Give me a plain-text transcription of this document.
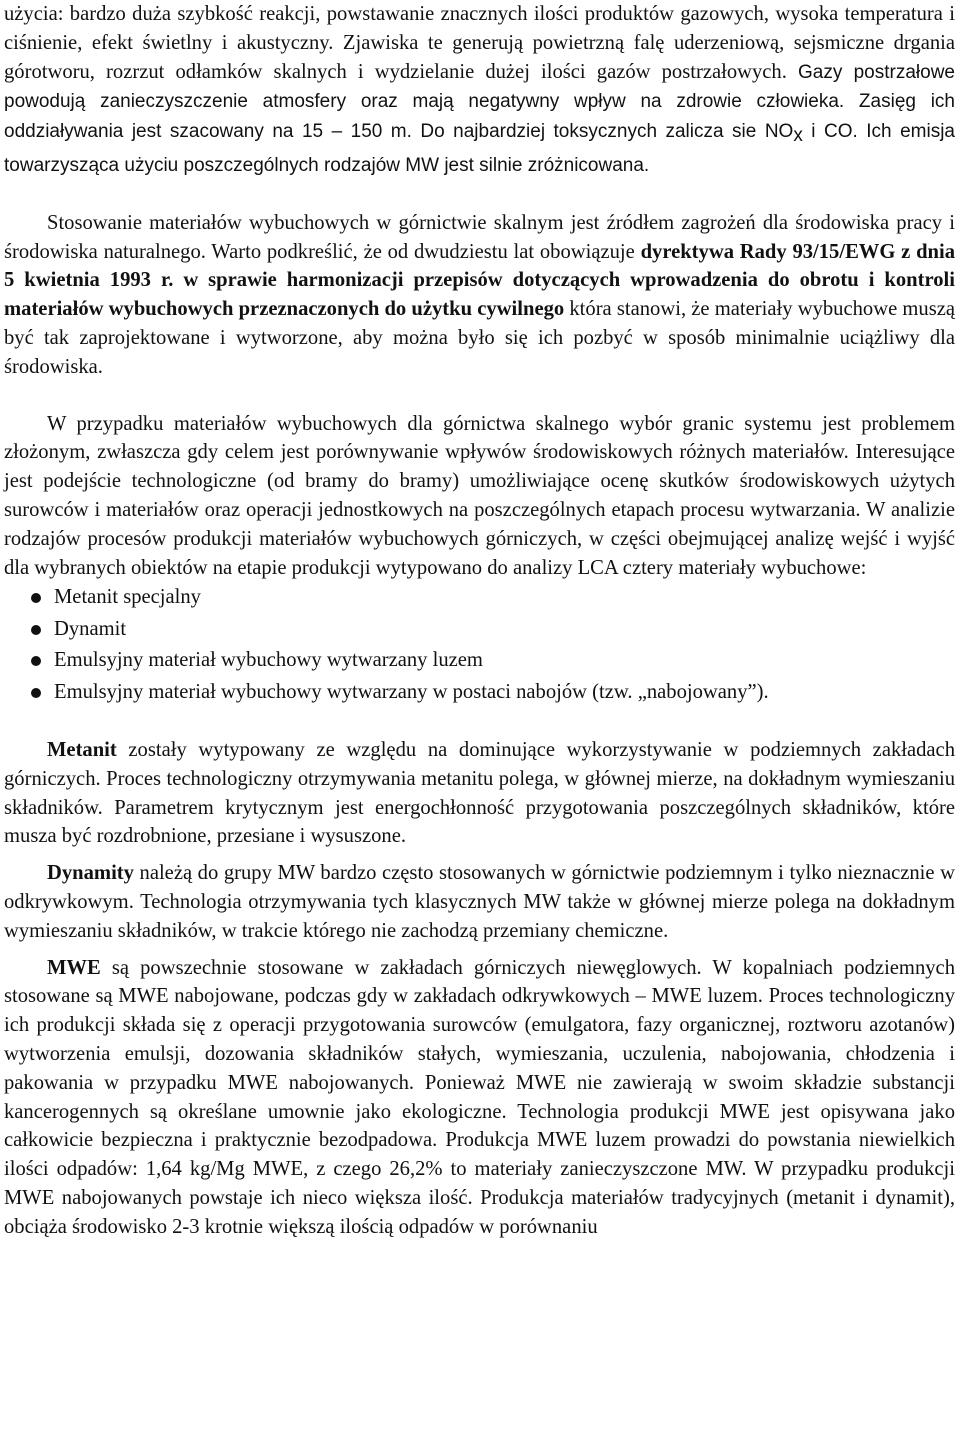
użycia: bardzo duża szybkość reakcji, powstawanie znacznych ilości produktów gazowych, wysoka temperatura i ciśnienie, efekt świetlny i akustyczny. Zjawiska te generują powietrzną falę uderzeniową, sejsmiczne drgania górotworu, rozrzut odłamków skalnych i wydzielanie dużej ilości gazów postrzałowych. Gazy postrzałowe powodują zanieczyszczenie atmosfery oraz mają negatywny wpływ na zdrowie człowieka. Zasięg ich oddziaływania jest szacowany na 15 – 150 m. Do najbardziej toksycznych zalicza sie $NO_x$ i CO. Ich emisja towarzysząca użyciu poszczególnych rodzajów MW jest silnie zróżnicowana.

Stosowanie materiałów wybuchowych w górnictwie skalnym jest źródłem zagrożeń dla środowiska pracy i środowiska naturalnego. Warto podkreślić, że od dwudziestu lat obowiązuje dyrektywa Rady 93/15/EWG z dnia 5 kwietnia 1993 r. w sprawie harmonizacji przepisów dotyczących wprowadzenia do obrotu i kontroli materiałów wybuchowych przeznaczonych do użytku cywilnego która stanowi, że materiały wybuchowe muszą być tak zaprojektowane i wytworzone, aby można było się ich pozbyć w sposób minimalnie uciążliwy dla środowiska.

W przypadku materiałów wybuchowych dla górnictwa skalnego wybór granic systemu jest problemem złożonym, zwłaszcza gdy celem jest porównywanie wpływów środowiskowych różnych materiałów. Interesujące jest podejście technologiczne (od bramy do bramy) umożliwiające ocenę skutków środowiskowych użytych surowców i materiałów oraz operacji jednostkowych na poszczególnych etapach procesu wytwarzania. W analizie rodzajów procesów produkcji materiałów wybuchowych górniczych, w części obejmującej analizę wejść i wyjść dla wybranych obiektów na etapie produkcji wytypowano do analizy LCA cztery materiały wybuchowe:

Metanit specjalny
Dynamit
Emulsyjny materiał wybuchowy wytwarzany luzem
Emulsyjny materiał wybuchowy wytwarzany w postaci nabojów (tzw. „nabojowany”).

Metanit zostały wytypowany ze względu na dominujące wykorzystywanie w podziemnych zakładach górniczych. Proces technologiczny otrzymywania metanitu polega, w głównej mierze, na dokładnym wymieszaniu składników. Parametrem krytycznym jest energochłonność przygotowania poszczególnych składników, które musza być rozdrobnione, przesiane i wysuszone.

Dynamity należą do grupy MW bardzo często stosowanych w górnictwie podziemnym i tylko nieznacznie w odkrywkowym. Technologia otrzymywania tych klasycznych MW także w głównej mierze polega na dokładnym wymieszaniu składników, w trakcie którego nie zachodzą przemiany chemiczne.

MWE są powszechnie stosowane w zakładach górniczych niewęglowych. W kopalniach podziemnych stosowane są MWE nabojowane, podczas gdy w zakładach odkrywkowych – MWE luzem. Proces technologiczny ich produkcji składa się z operacji przygotowania surowców (emulgatora, fazy organicznej, roztworu azotanów) wytworzenia emulsji, dozowania składników stałych, wymieszania, uczulenia, nabojowania, chłodzenia i pakowania w przypadku MWE nabojowanych. Ponieważ MWE nie zawierają w swoim składzie substancji kancerogennych są określane umownie jako ekologiczne. Technologia produkcji MWE jest opisywana jako całkowicie bezpieczna i praktycznie bezodpadowa. Produkcja MWE luzem prowadzi do powstania niewielkich ilości odpadów: 1,64 kg/Mg MWE, z czego 26,2% to materiały zanieczyszczone MW. W przypadku produkcji MWE nabojowanych powstaje ich nieco większa ilość. Produkcja materiałów tradycyjnych (metanit i dynamit), obciąża środowisko 2-3 krotnie większą ilością odpadów w porównaniu
